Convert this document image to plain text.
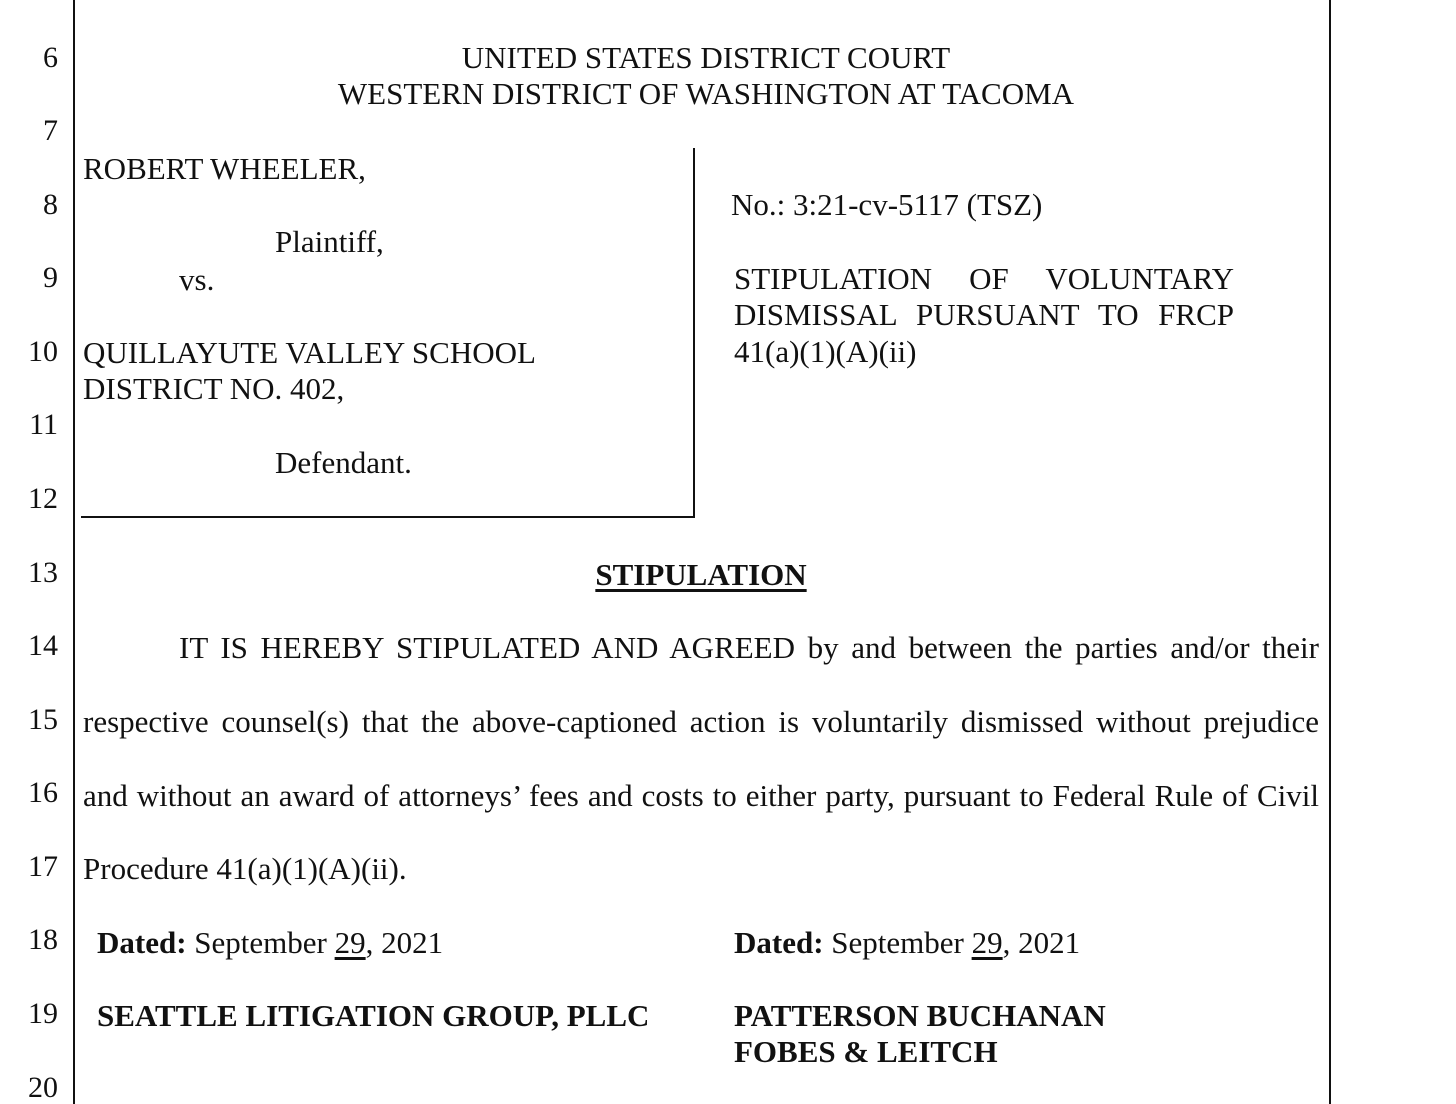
6
7
8
9
10
11
12
13
14
15
16
17
18
19
20
UNITED STATES DISTRICT COURT
WESTERN DISTRICT OF WASHINGTON AT TACOMA
ROBERT WHEELER,
Plaintiff,
vs.
QUILLAYUTE VALLEY SCHOOL
DISTRICT NO. 402,
Defendant.
No.: 3:21-cv-5117 (TSZ)
STIPULATION OF VOLUNTARY
DISMISSAL PURSUANT TO FRCP
41(a)(1)(A)(ii)
STIPULATION
IT IS HEREBY STIPULATED AND AGREED by and between the parties and/or their
respective counsel(s) that the above-captioned action is voluntarily dismissed without prejudice
and without an award of attorneys’ fees and costs to either party, pursuant to Federal Rule of Civil
Procedure 41(a)(1)(A)(ii).
Dated: September 29, 2021
SEATTLE LITIGATION GROUP, PLLC
Dated: September 29, 2021
PATTERSON BUCHANAN
FOBES & LEITCH
